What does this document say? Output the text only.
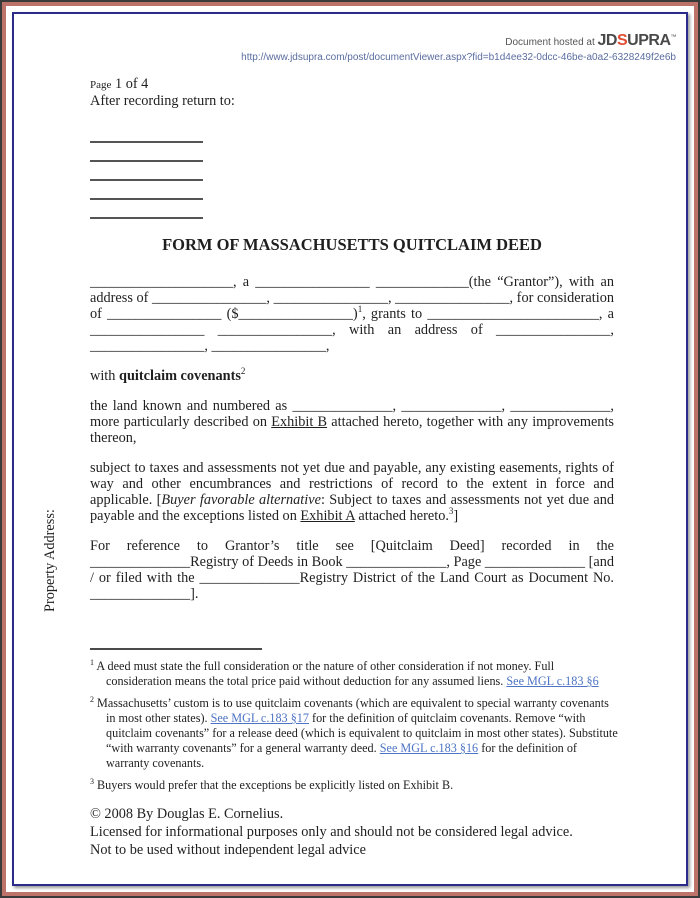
Document hosted at JDSUPRA™
http://www.jdsupra.com/post/documentViewer.aspx?fid=b1d4ee32-0dcc-46be-a0a2-6328249f2e6b
Property Address:
Page 1 of 4
After recording return to:
FORM OF MASSACHUSETTS QUITCLAIM DEED
____________________, a ________________ _____________(the “Grantor”), with an address of ________________, ________________, ________________, for consideration of ________________ ($________________)$^1$, grants to ________________________, a ________________ ________________, with an address of ________________, ________________, ________________,
with quitclaim covenants$^2$
the land known and numbered as ______________, ______________, ______________, more particularly described on Exhibit B attached hereto, together with any improvements thereon,
subject to taxes and assessments not yet due and payable, any existing easements, rights of way and other encumbrances and restrictions of record to the extent in force and applicable. [Buyer favorable alternative: Subject to taxes and assessments not yet due and payable and the exceptions listed on Exhibit A attached hereto.$^3$]
For reference to Grantor’s title see [Quitclaim Deed] recorded in the ______________Registry of Deeds in Book ______________, Page ______________ [and / or filed with the ______________Registry District of the Land Court as Document No. ______________].
$^1$ A deed must state the full consideration or the nature of other consideration if not money. Full consideration means the total price paid without deduction for any assumed liens. See MGL c.183 §6
$^2$ Massachusetts’ custom is to use quitclaim covenants (which are equivalent to special warranty covenants in most other states). See MGL c.183 §17 for the definition of quitclaim covenants. Remove “with quitclaim covenants” for a release deed (which is equivalent to quitclaim in most other states). Substitute “with warranty covenants” for a general warranty deed. See MGL c.183 §16 for the definition of warranty covenants.
$^3$ Buyers would prefer that the exceptions be explicitly listed on Exhibit B.
© 2008 By Douglas E. Cornelius.
Licensed for informational purposes only and should not be considered legal advice.
Not to be used without independent legal advice
